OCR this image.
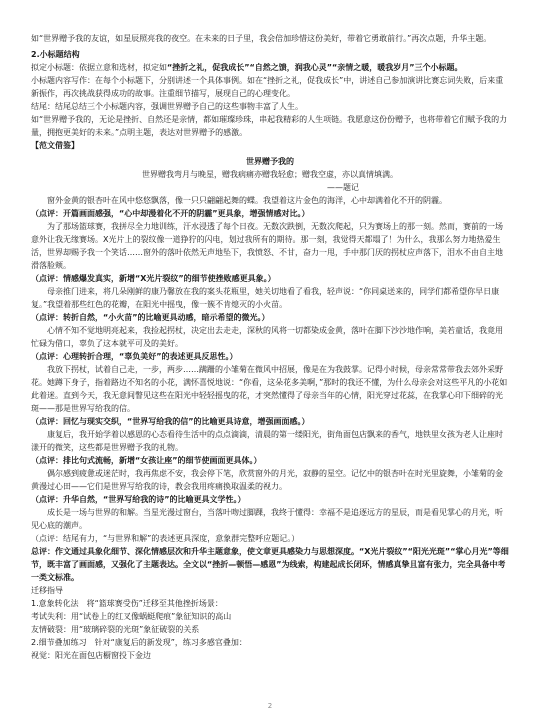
如“世界赠予我的友谊，如星辰照亮我的夜空。在未来的日子里，我会倍加珍惜这份美好，带着它勇敢前行。”再次点题，升华主题。

2.小标题结构

拟定小标题：依据立意和选材，拟定如“挫折之礼，促我成长”“自然之馈，润我心灵”“亲情之暖，暖我岁月”三个小标题。

小标题内容写作：在每个小标题下，分别讲述一个具体事例。如在“挫折之礼，促我成长”中，讲述自己参加演讲比赛忘词失败，后来重新振作，再次挑战获得成功的故事。注重细节描写，展现自己的心理变化。

结尾：结尾总结三个小标题内容，强调世界赠予自己的这些事物丰富了人生。

如“世界赠予我的，无论是挫折、自然还是亲情，都如璀璨珍珠，串起我精彩的人生项链。我愿意这份份赠予，也将带着它们赋予我的力量，拥抱更美好的未来。”点明主题，表达对世界赠予的感激。

【范文借鉴】

世界赠予我的

世界赠我弯月与晚星，赠我病痛亦赠我轻愈；赠我空虚，亦以真情填满。

——题记

窗外金黄的银杏叶在风中悠悠飘落，像一只只翩翩起舞的蝶。我望着这片金色的海洋，心中却满着化不开的阴霾。

（点评：开篇画面感强，“心中却漫着化不开的阴霾”更具象，增强情感对比。）

为了那场篮球赛，我拼尽全力地训练，汗水浸透了每个日夜。无数次跌倒，无数次爬起，只为赛场上的那一刻。然而，赛前的一场意外让我无缘赛场。X光片上的裂纹像一道狰狞的闪电，划过我所有的期待。那一刻，我觉得天都塌了！为什么，我那么努力地热爱生活，世界却赐予我一个笑话……窗外的落叶依然无声地坠下，我愤怒、不甘，奋力一甩，手中那门厌的拐杖应声落下，泪水不由自主地滑落脸颊。

（点评：情感爆发真实，新增“X光片裂纹”的细节使挫败感更具象。）

母亲推门进来，将几朵刚鲜的康乃馨放在我的案头花瓶里，她关切地看了看我，轻声说：“你同桌送来的，同学们都希望你早日康复。”我望着那些红色的花瓣，在阳光中摇曳，像一簇不肯熄灭的小火苗。

（点评：转折自然，“小火苗”的比喻更具动感，暗示希望的微光。）

心情不知不觉地明亮起来，我捡起拐杖，决定出去走走，深秋的风将一切都染成金黄，落叶在脚下沙沙地作响，美若童话，我竟用忙碌为借口，辜负了这本就平可及的美好。

（点评：心理转折合理，“辜负美好”的表述更具反思性。）

我放下拐杖，试着自己走，一步，两步……蹒跚的小雏菊在微风中招展，像是在为我鼓掌。记得小时候，母亲常常带我去郊外采野花。她蹲下身子，指着路边不知名的小花，满怀喜悦地说：“你看，这朵花多美啊，”那时的我还不懂，为什么母亲会对这些平凡的小花如此着迷。直到今天，我无意间瞥见这些在阳光中轻轻摇曳的花，才突然懂得了母亲当年的心情，阳光穿过花蕊，在我掌心印下细碎的光斑——那是世界写给我的信。

（点评：回忆与现实交织，“世界写给我的信”的比喻更具诗意，增强画面感。）

康复后，我开始学着以感恩的心态看待生活中的点点滴滴，清晨的第一缕阳光，街角面包店飘来的香气，地铁里女孩为老人让座时漾开的微笑，这些都是世界赠予我的礼物。

（点评：排比句式流畅，新增“女孩让座”的细节使画面更具体。）

偶尔感到疲惫或迷茫时，我再焦虑不安，我会停下笔，欣赏窗外的月光，寂静的星空。记忆中的银杏叶在时光里旋舞，小雏菊的金黄漫过心田——它们是世界写给我的诗，教会我用疼痛换取温柔的视力。

（点评：升华自然，“世界写给我的诗”的比喻更具文学性。）

成长是一场与世界的和解。当星光漫过窗台，当落叶吻过脚踝，我终于懂得：幸福不是追逐远方的星辰，而是看见掌心的月光，听见心底的潮声。

（点评：结尾有力，“与世界和解”的表述更具深度，意象群完整呼应题记。）

总评：作文通过具象化细节、深化情感层次和升华主题意象，使文章更具感染力与思想深度。“X光片裂纹”“阳光光斑”“掌心月光”等细节，既丰富了画面感，又强化了主题表达。全文以“挫折—顿悟—感恩”为线索，构建起成长闭环，情感真挚且富有张力，完全具备中考一类文标准。

迁移指导

1.意象转化法　将“篮球赛受伤”迁移至其他挫折场景：

考试失利：用“试卷上的红叉像蜗蜓爬痕”象征知识的高山

友情破裂：用“玻璃碎裂的光斑”象征破裂的关系

2.细节叠加练习　针对“康复后的新发现”，练习多感官叠加：

视觉：阳光在面包店橱窗投下金边

2
